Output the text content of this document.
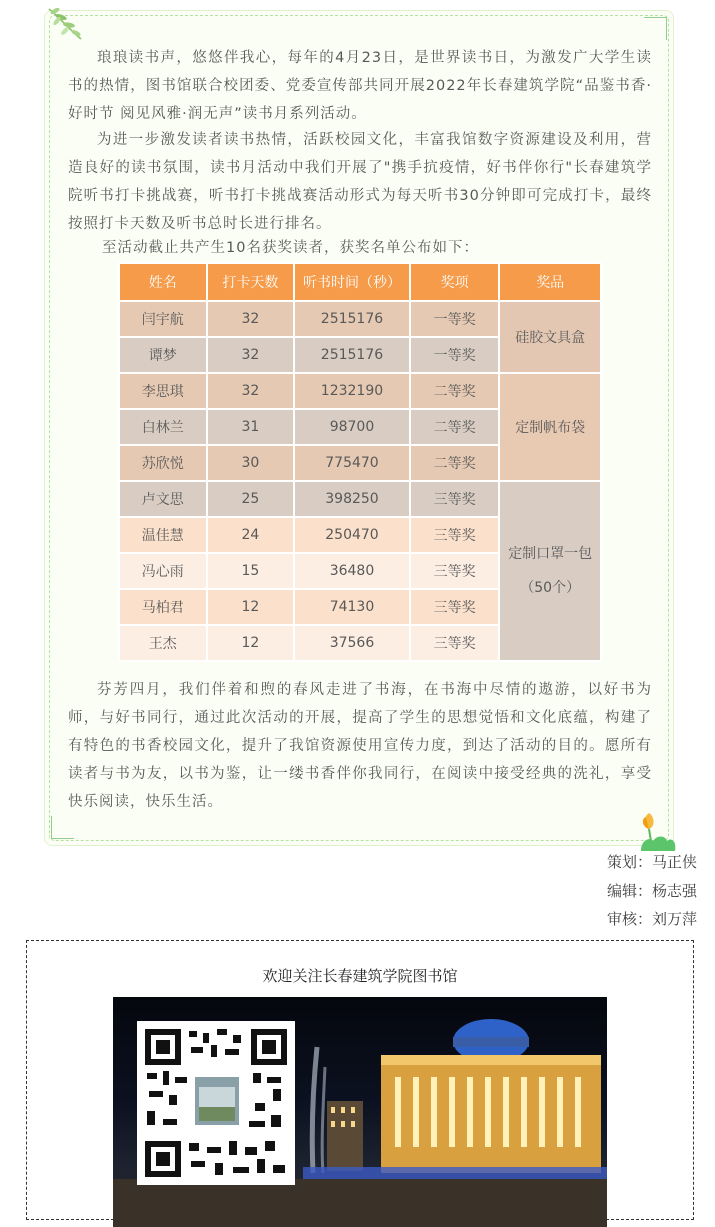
琅琅读书声，悠悠伴我心，每年的4月23日，是世界读书日，为激发广大学生读书的热情，图书馆联合校团委、党委宣传部共同开展2022年长春建筑学院“品鉴书香·好时节 阅见风雅·润无声”读书月系列活动。

为进一步激发读者读书热情，活跃校园文化，丰富我馆数字资源建设及利用，营造良好的读书氛围，读书月活动中我们开展了"携手抗疫情，好书伴你行"长春建筑学院听书打卡挑战赛，听书打卡挑战赛活动形式为每天听书30分钟即可完成打卡，最终按照打卡天数及听书总时长进行排名。

至活动截止共产生10名获奖读者，获奖名单公布如下：

姓名	打卡天数	听书时间（秒）	奖项	奖品
闫宇航	32	2515176	一等奖	硅胶文具盒
谭梦	32	2515176	一等奖	
李思琪	32	1232190	二等奖	定制帆布袋
白林兰	31	98700	二等奖	
苏欣悦	30	775470	二等奖	
卢文思	25	398250	三等奖	定制口罩一包
（50个）

温佳慧	24	250470	三等奖	
冯心雨	15	36480	三等奖	
马柏君	12	74130	三等奖	
王杰	12	37566	三等奖	

芬芳四月，我们伴着和煦的春风走进了书海，在书海中尽情的遨游，以好书为师，与好书同行，通过此次活动的开展，提高了学生的思想觉悟和文化底蕴，构建了有特色的书香校园文化，提升了我馆资源使用宣传力度，到达了活动的目的。愿所有读者与书为友，以书为鉴，让一缕书香伴你我同行，在阅读中接受经典的洗礼，享受快乐阅读，快乐生活。

策划：马正侠
编辑：杨志强
审核：刘万萍
欢迎关注长春建筑学院图书馆
